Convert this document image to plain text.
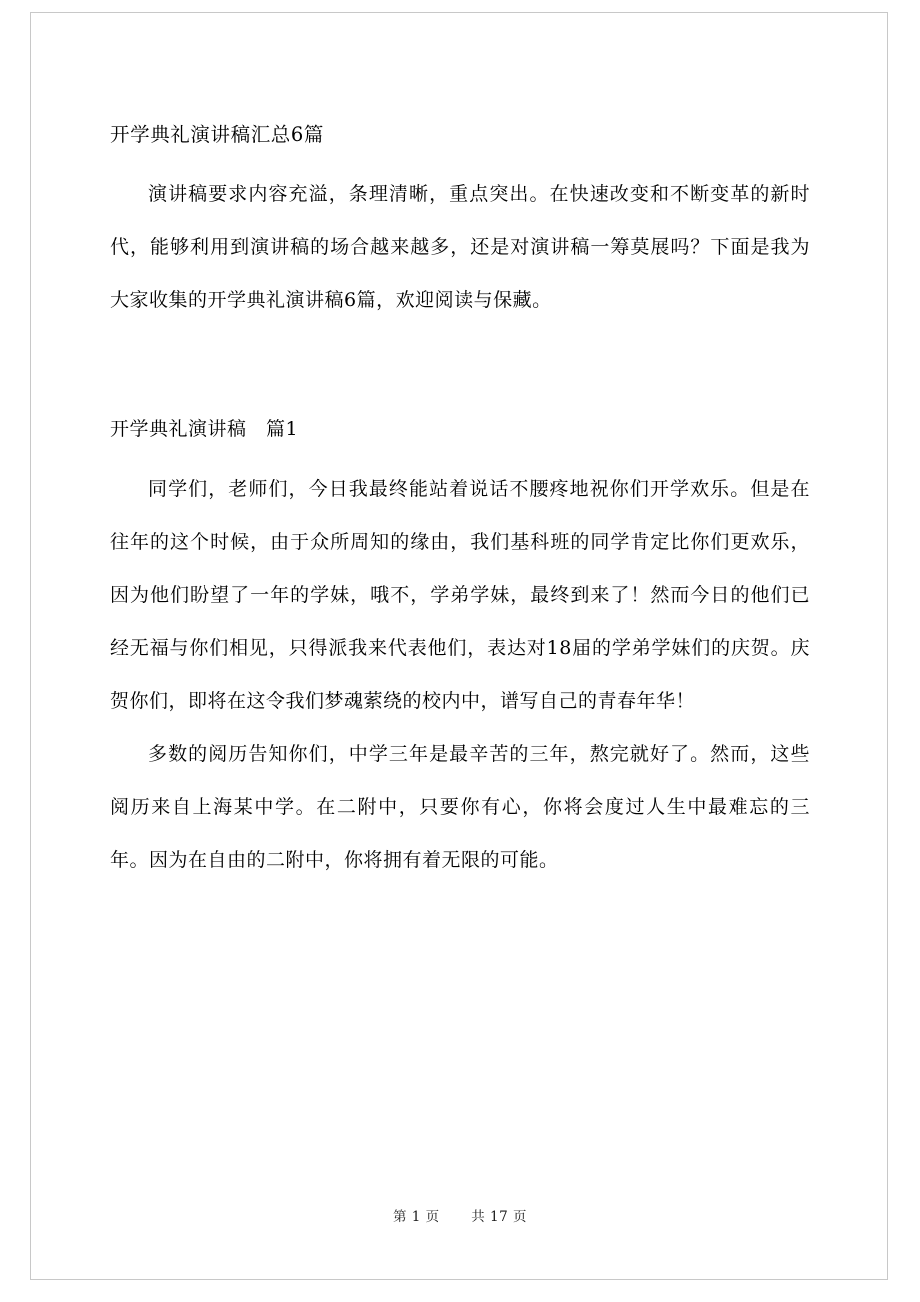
开学典礼演讲稿汇总6篇

演讲稿要求内容充溢，条理清晰，重点突出。在快速改变和不断变革的新时代，能够利用到演讲稿的场合越来越多，还是对演讲稿一筹莫展吗？下面是我为大家收集的开学典礼演讲稿6篇，欢迎阅读与保藏。

开学典礼演讲稿　篇1

同学们，老师们，今日我最终能站着说话不腰疼地祝你们开学欢乐。但是在往年的这个时候，由于众所周知的缘由，我们基科班的同学肯定比你们更欢乐，因为他们盼望了一年的学妹，哦不，学弟学妹，最终到来了！然而今日的他们已经无福与你们相见，只得派我来代表他们，表达对18届的学弟学妹们的庆贺。庆贺你们，即将在这令我们梦魂萦绕的校内中，谱写自己的青春年华！

多数的阅历告知你们，中学三年是最辛苦的三年，熬完就好了。然而，这些阅历来自上海某中学。在二附中，只要你有心，你将会度过人生中最难忘的三年。因为在自由的二附中，你将拥有着无限的可能。

第 1 页 共 17 页
